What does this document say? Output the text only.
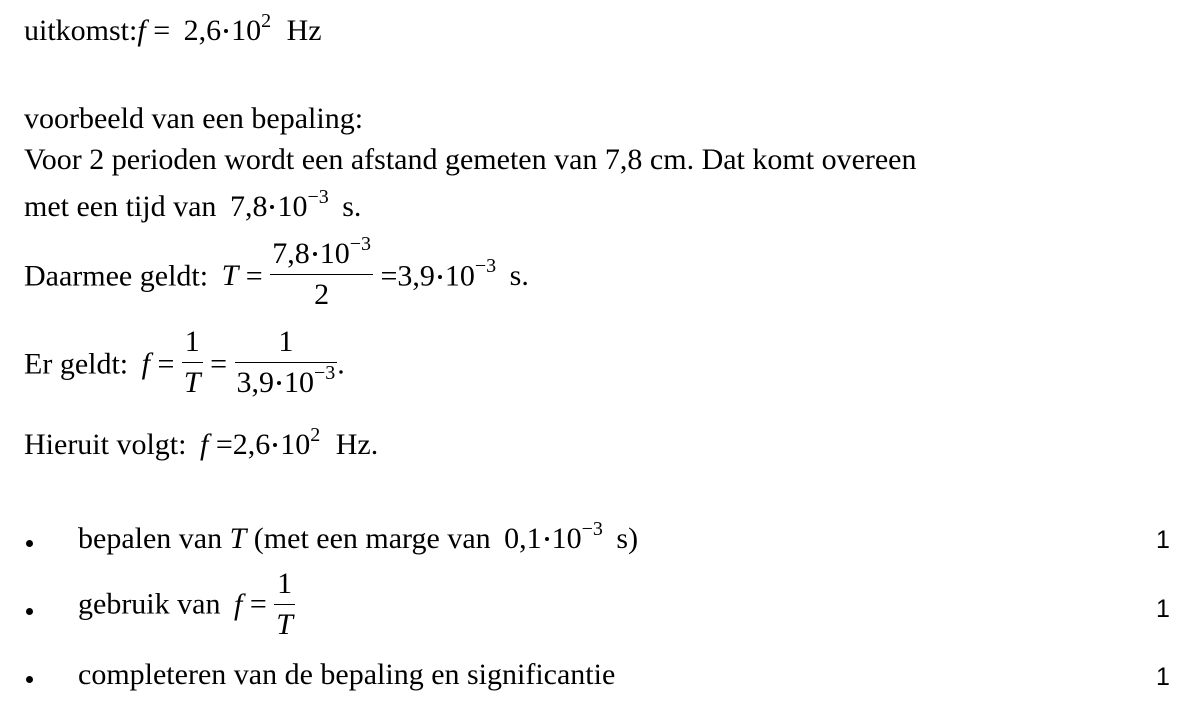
uitkomst:f = 2,6 $10^2$ Hz
voorbeeld van een bepaling:
Voor 2 perioden wordt een afstand gemeten van 7,8 cm. Dat komt overeen
met een tijd van 7,8 $10^{-3}$ s.
Daarmee geldt: $T = \frac{7,8 10^{-3}}{2} =3,9$ $10^{-3}$ s.
Er geldt: $f = \frac{1}{T} = \frac{1}{3,9 10^{-3}}$ .
Hieruit volgt: f =2,6 $10^2$ Hz.
bepalen van T (met een marge van 0,1 $10^{-3}$ s)	1
gebruik van $f = \frac{1}{T}$	1
completeren van de bepaling en significantie	1
